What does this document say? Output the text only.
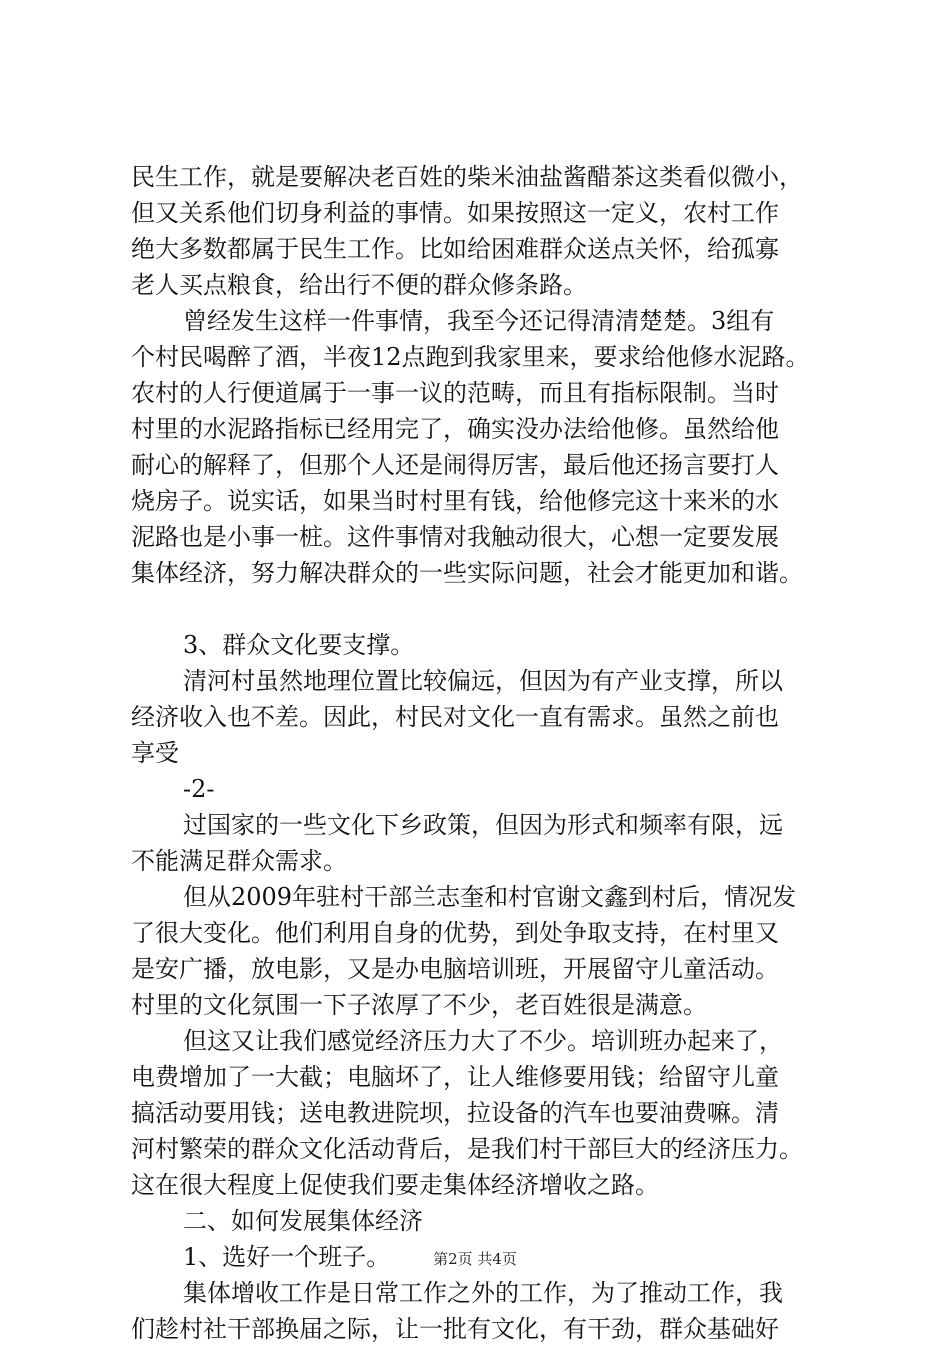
民生工作，就是要解决老百姓的柴米油盐酱醋茶这类看似微小，
但又关系他们切身利益的事情。如果按照这一定义，农村工作
绝大多数都属于民生工作。比如给困难群众送点关怀，给孤寡
老人买点粮食，给出行不便的群众修条路。
曾经发生这样一件事情，我至今还记得清清楚楚。3组有
个村民喝醉了酒，半夜12点跑到我家里来，要求给他修水泥路。
农村的人行便道属于一事一议的范畴，而且有指标限制。当时
村里的水泥路指标已经用完了，确实没办法给他修。虽然给他
耐心的解释了，但那个人还是闹得厉害，最后他还扬言要打人
烧房子。说实话，如果当时村里有钱，给他修完这十来米的水
泥路也是小事一桩。这件事情对我触动很大，心想一定要发展
集体经济，努力解决群众的一些实际问题，社会才能更加和谐。
3、群众文化要支撑。
清河村虽然地理位置比较偏远，但因为有产业支撑，所以
经济收入也不差。因此，村民对文化一直有需求。虽然之前也
享受
-2-
过国家的一些文化下乡政策，但因为形式和频率有限，远
不能满足群众需求。
但从2009年驻村干部兰志奎和村官谢文鑫到村后，情况发
了很大变化。他们利用自身的优势，到处争取支持，在村里又
是安广播，放电影，又是办电脑培训班，开展留守儿童活动。
村里的文化氛围一下子浓厚了不少，老百姓很是满意。
但这又让我们感觉经济压力大了不少。培训班办起来了，
电费增加了一大截；电脑坏了，让人维修要用钱；给留守儿童
搞活动要用钱；送电教进院坝，拉设备的汽车也要油费嘛。清
河村繁荣的群众文化活动背后，是我们村干部巨大的经济压力。
这在很大程度上促使我们要走集体经济增收之路。
二、如何发展集体经济
1、选好一个班子。
集体增收工作是日常工作之外的工作，为了推动工作，我
们趁村社干部换届之际，让一批有文化，有干劲，群众基础好
第2页 共4页
